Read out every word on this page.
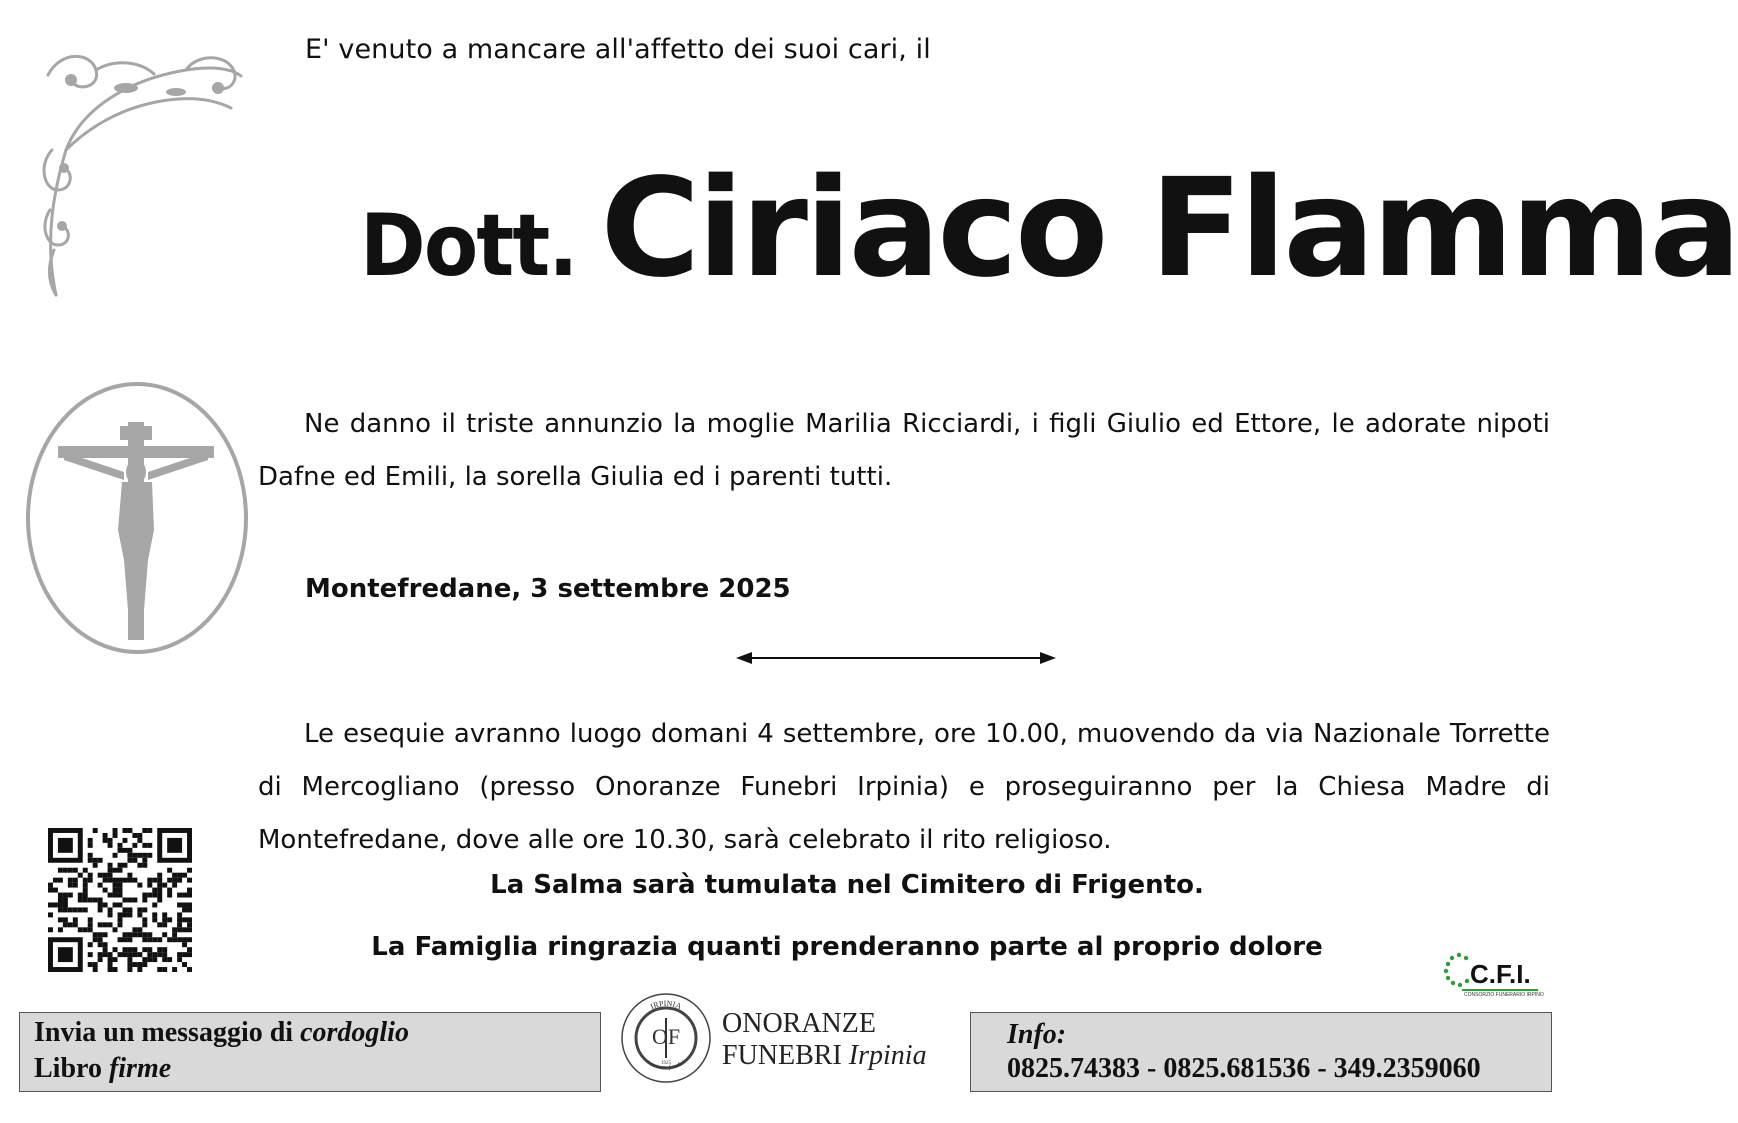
E' venuto a mancare all'affetto dei suoi cari, il
Dott. Ciriaco Flamma
Ne danno il triste annunzio la moglie Marilia Ricciardi, i figli Giulio ed Ettore, le adorate nipoti Dafne ed Emili, la sorella Giulia ed i parenti tutti.
Montefredane, 3 settembre 2025
Le esequie avranno luogo domani 4 settembre, ore 10.00, muovendo da via Nazionale Torrette di Mercogliano (presso Onoranze Funebri Irpinia) e proseguiranno per la Chiesa Madre di Montefredane, dove alle ore 10.30, sarà celebrato il rito religioso.
La Salma sarà tumulata nel Cimitero di Frigento.
La Famiglia ringrazia quanti prenderanno parte al proprio dolore
C.F.I.
CONSORZIO FUNERARIO IRPINO
Invia un messaggio di cordoglio
Libro firme
IRPINIA
onoranze funebri
OF
1925
ONORANZE
FUNEBRI Irpinia
Info:
0825.74383 - 0825.681536 - 349.2359060
